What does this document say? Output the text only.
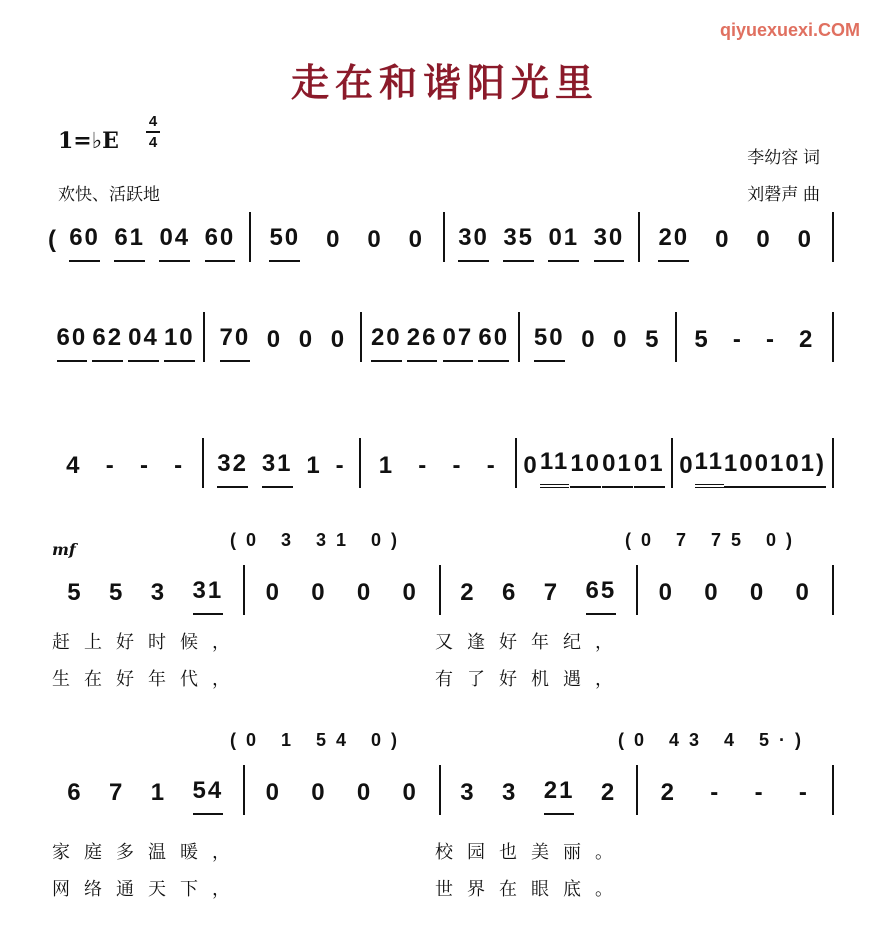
qiyuexuexi.COM
走在和谐阳光里
1=♭E
4
4
欢快、活跃地
李幼容 词
刘磬声 曲
mf	(0 3 31 0)	(0 7 75 0)
(0 1 54 0)	(0 43 4 5·)
赶上好时候，	又逢好年纪，
生在好年代，	有了好机遇，
家庭多温暖，	校园也美丽。
网络通天下，	世界在眼底。
( 60 61 04 60 50 0 0 0 30 35 01 30 20 0 0 0
60 62 04 10 70 0 0 0 20 26 07 60 50 0 0 5 5 - - 2
4 - - - 32 31 1 - 1 - - - 0 11 10 01 01 0 11 10 01 01)
5 5 3 31 0 0 0 0 2 6 7 65 0 0 0 0
6 7 1 54 0 0 0 0 3 3 21 2 2 - - -
